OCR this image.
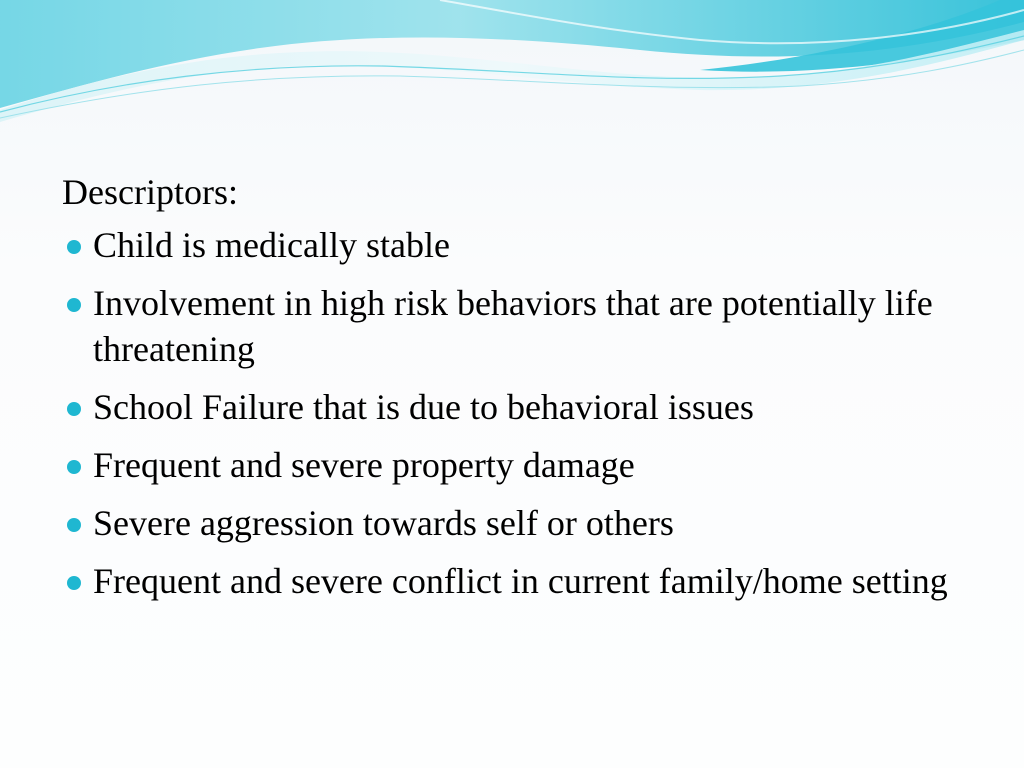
Descriptors:
Child is medically stable
Involvement in high risk behaviors that are potentially life threatening
School Failure that is due to behavioral issues
Frequent and severe property damage
Severe aggression towards self or others
Frequent and severe conflict in current family/home setting
